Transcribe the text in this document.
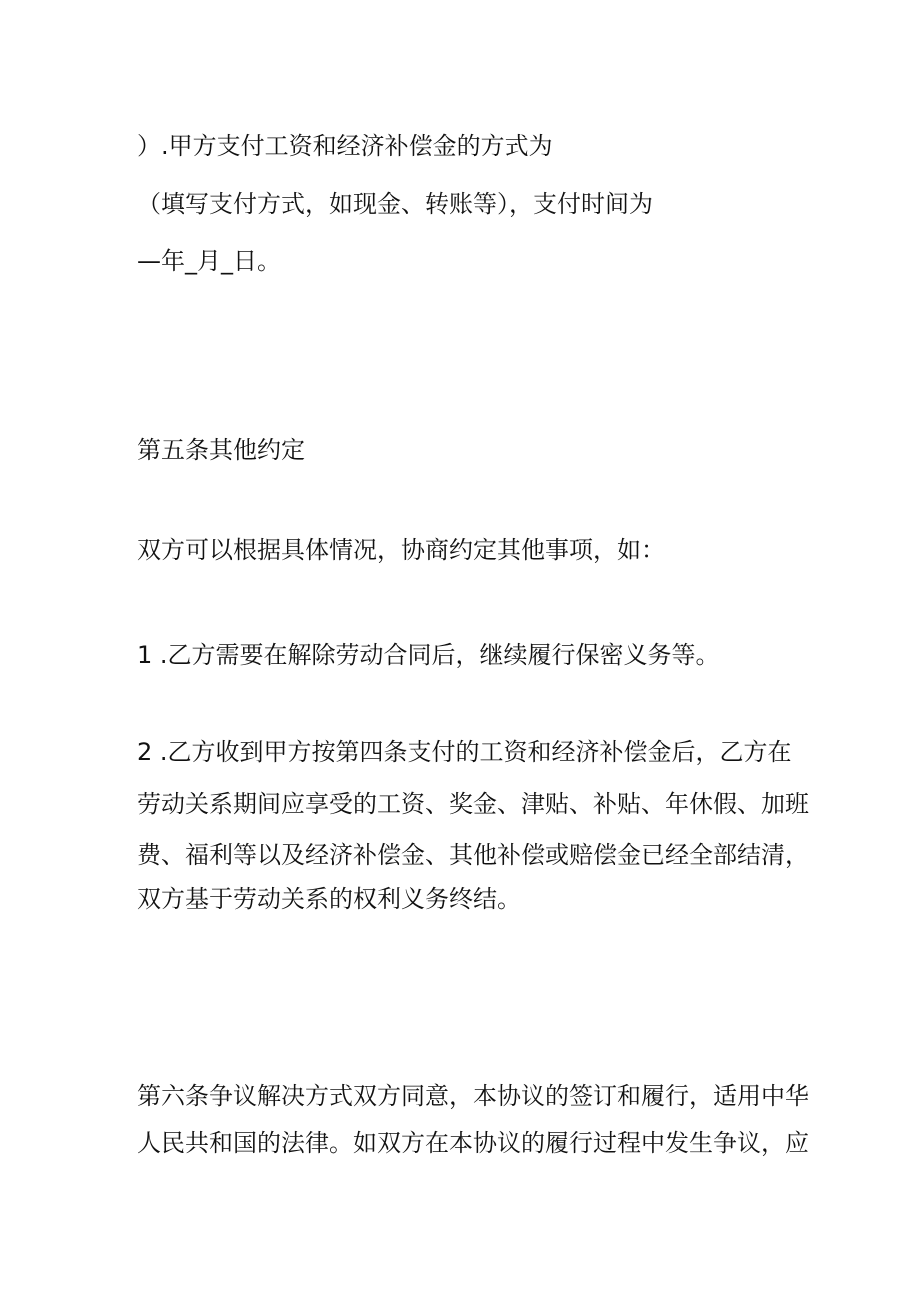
）.甲方支付工资和经济补偿金的方式为
（填写支付方式，如现金、转账等），支付时间为
—年_月_日。
第五条其他约定
双方可以根据具体情况，协商约定其他事项，如：
1 .乙方需要在解除劳动合同后，继续履行保密义务等。
2 .乙方收到甲方按第四条支付的工资和经济补偿金后，乙方在
劳动关系期间应享受的工资、奖金、津贴、补贴、年休假、加班
费、福利等以及经济补偿金、其他补偿或赔偿金已经全部结清，
双方基于劳动关系的权利义务终结。
第六条争议解决方式双方同意，本协议的签订和履行，适用中华
人民共和国的法律。如双方在本协议的履行过程中发生争议，应
